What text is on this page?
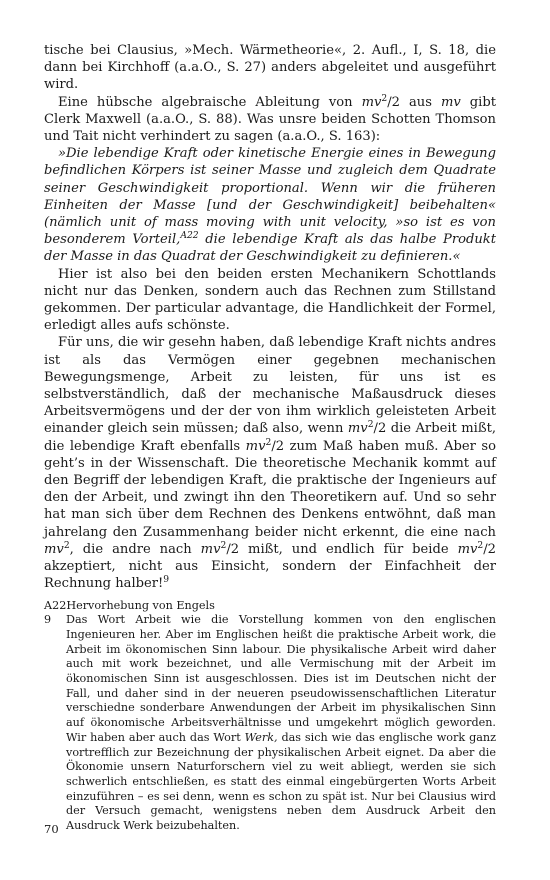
tische bei Clausius, »Mech. Wärmetheorie«, 2. Aufl., I, S. 18, die dann bei Kirchhoff (a.a.O., S. 27) anders abgeleitet und ausgeführt wird.

Eine hübsche algebraische Ableitung von $mv^2/2$ aus mv gibt Clerk Maxwell (a.a.O., S. 88). Was unsre beiden Schotten Thomson und Tait nicht verhindert zu sagen (a.a.O., S. 163):

»Die lebendige Kraft oder kinetische Energie eines in Bewegung befindlichen Körpers ist seiner Masse und zugleich dem Quadrate seiner Geschwindigkeit proportional. Wenn wir die früheren Einheiten der Masse [und der Geschwindigkeit] beibehalten« (nämlich unit of mass moving with unit velocity, »so ist es von besonderem Vorteil,$^{A22}$ die lebendige Kraft als das halbe Produkt der Masse in das Quadrat der Geschwindigkeit zu definieren.«

Hier ist also bei den beiden ersten Mechanikern Schottlands nicht nur das Denken, sondern auch das Rechnen zum Stillstand gekommen. Der particular advantage, die Handlichkeit der Formel, erledigt alles aufs schönste.

Für uns, die wir gesehn haben, daß lebendige Kraft nichts andres ist als das Vermögen einer gegebnen mechanischen Bewegungsmenge, Arbeit zu leisten, für uns ist es selbstverständlich, daß der mechanische Maßausdruck dieses Arbeitsvermögens und der der von ihm wirklich geleisteten Arbeit einander gleich sein müssen; daß also, wenn $mv^2/2$ die Arbeit mißt, die lebendige Kraft ebenfalls $mv^2/2$ zum Maß haben muß. Aber so geht’s in der Wissenschaft. Die theoretische Mechanik kommt auf den Begriff der lebendigen Kraft, die praktische der Ingenieurs auf den der Arbeit, und zwingt ihn den Theoretikern auf. Und so sehr hat man sich über dem Rechnen des Denkens entwöhnt, daß man jahrelang den Zusammenhang beider nicht erkennt, die eine nach $mv^2$, die andre nach $mv^2/2$ mißt, und endlich für beide $mv^2/2$ akzeptiert, nicht aus Einsicht, sondern der Einfachheit der Rechnung halber!$^9$

A22Hervorhebung von Engels

9	Das Wort Arbeit wie die Vorstellung kommen von den englischen Ingenieuren her. Aber im Englischen heißt die praktische Arbeit work, die Arbeit im ökonomischen Sinn labour. Die physikalische Arbeit wird daher auch mit work bezeichnet, und alle Vermischung mit der Arbeit im ökonomischen Sinn ist ausgeschlossen. Dies ist im Deutschen nicht der Fall, und daher sind in der neueren pseudowissenschaftlichen Literatur verschiedne sonderbare Anwendungen der Arbeit im physikalischen Sinn auf ökonomische Arbeitsverhältnisse und umgekehrt möglich geworden. Wir haben aber auch das Wort Werk, das sich wie das englische work ganz vortrefflich zur Bezeichnung der physikalischen Arbeit eignet. Da aber die Ökonomie unsern Naturforschern viel zu weit abliegt, werden sie sich schwerlich entschließen, es statt des einmal eingebürgerten Worts Arbeit einzuführen – es sei denn, wenn es schon zu spät ist. Nur bei Clausius wird der Versuch gemacht, wenigstens neben dem Ausdruck Arbeit den Ausdruck Werk beizubehalten.
70
